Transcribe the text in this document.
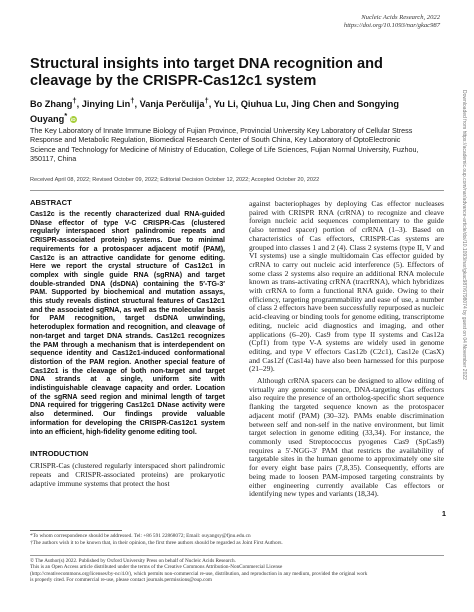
Nucleic Acids Research, 2022
https://doi.org/10.1093/nar/gkac987
Structural insights into target DNA recognition and cleavage by the CRISPR-Cas12c1 system
Bo Zhang†, Jinying Lin†, Vanja Perčulija†, Yu Li, Qiuhua Lu, Jing Chen and Songying Ouyang* iD

The Key Laboratory of Innate Immune Biology of Fujian Province, Provincial University Key Laboratory of Cellular Stress Response and Metabolic Regulation, Biomedical Research Center of South China, Key Laboratory of OptoElectronic Science and Technology for Medicine of Ministry of Education, College of Life Sciences, Fujian Normal University, Fuzhou, 350117, China

Received April 08, 2022; Revised October 09, 2022; Editorial Decision October 12, 2022; Accepted October 20, 2022

ABSTRACT

Cas12c is the recently characterized dual RNA-guided DNase effector of type V-C CRISPR-Cas (clustered regularly interspaced short palindromic repeats and CRISPR-associated protein) systems. Due to minimal requirements for a protospacer adjacent motif (PAM), Cas12c is an attractive candidate for genome editing. Here we report the crystal structure of Cas12c1 in complex with single guide RNA (sgRNA) and target double-stranded DNA (dsDNA) containing the 5′-TG-3′ PAM. Supported by biochemical and mutation assays, this study reveals distinct structural features of Cas12c1 and the associated sgRNA, as well as the molecular basis for PAM recognition, target dsDNA unwinding, heteroduplex formation and recognition, and cleavage of non-target and target DNA strands. Cas12c1 recognizes the PAM through a mechanism that is interdependent on sequence identity and Cas12c1-induced conformational distortion of the PAM region. Another special feature of Cas12c1 is the cleavage of both non-target and target DNA strands at a single, uniform site with indistinguishable cleavage capacity and order. Location of the sgRNA seed region and minimal length of target DNA required for triggering Cas12c1 DNase activity were also determined. Our findings provide valuable information for developing the CRISPR-Cas12c1 system into an efficient, high-fidelity genome editing tool.

INTRODUCTION

CRISPR-Cas (clustered regularly interspaced short palindromic repeats and CRISPR-associated proteins) are prokaryotic adaptive immune systems that protect the host

against bacteriophages by deploying Cas effector nucleases paired with CRISPR RNA (crRNA) to recognize and cleave foreign nucleic acid sequences complementary to the guide (also termed spacer) portion of crRNA (1–3). Based on characteristics of Cas effectors, CRISPR-Cas systems are grouped into classes 1 and 2 (4). Class 2 systems (type II, V and VI systems) use a single multidomain Cas effector guided by crRNA to carry out nucleic acid interference (5). Effectors of some class 2 systems also require an additional RNA molecule known as trans-activating crRNA (tracrRNA), which hybridizes with crRNA to form a functional RNA guide. Owing to their efficiency, targeting programmability and ease of use, a number of class 2 effectors have been successfully repurposed as nucleic acid-cleaving or binding tools for genome editing, transcriptome editing, nucleic acid diagnostics and imaging, and other applications (6–20). Cas9 from type II systems and Cas12a (Cpf1) from type V-A systems are widely used in genome editing, and type V effectors Cas12b (C2c1), Cas12e (CasX) and Cas12f (Cas14a) have also been harnessed for this purpose (21–29).

Although crRNA spacers can be designed to allow editing of virtually any genomic sequence, DNA-targeting Cas effectors also require the presence of an ortholog-specific short sequence flanking the targeted sequence known as the protospacer adjacent motif (PAM) (30–32). PAMs enable discrimination between self and non-self in the native environment, but limit target selection in genome editing (33,34). For instance, the commonly used Streptococcus pyogenes Cas9 (SpCas9) requires a 5′-NGG-3′ PAM that restricts the availability of targetable sites in the human genome to approximately one site for every eight base pairs (7,8,35). Consequently, efforts are being made to loosen PAM-imposed targeting constraints by either engineering currently available Cas effectors or identifying new types and variants (18,34).

1
*To whom correspondence should be addressed. Tel: +86 591 22868072; Email: ouyangsy@fjnu.edu.cn
†The authors wish it to be known that, in their opinion, the first three authors should be regarded as Joint First Authors.
© The Author(s) 2022. Published by Oxford University Press on behalf of Nucleic Acids Research.
This is an Open Access article distributed under the terms of the Creative Commons Attribution-NonCommercial License
(http://creativecommons.org/licenses/by-nc/4.0/), which permits non-commercial re-use, distribution, and reproduction in any medium, provided the original work
is properly cited. For commercial re-use, please contact journals.permissions@oup.com
Downloaded from https://academic.oup.com/nar/advance-article/doi/10.1093/nar/gkac987/6798074 by guest on 04 November 2022
